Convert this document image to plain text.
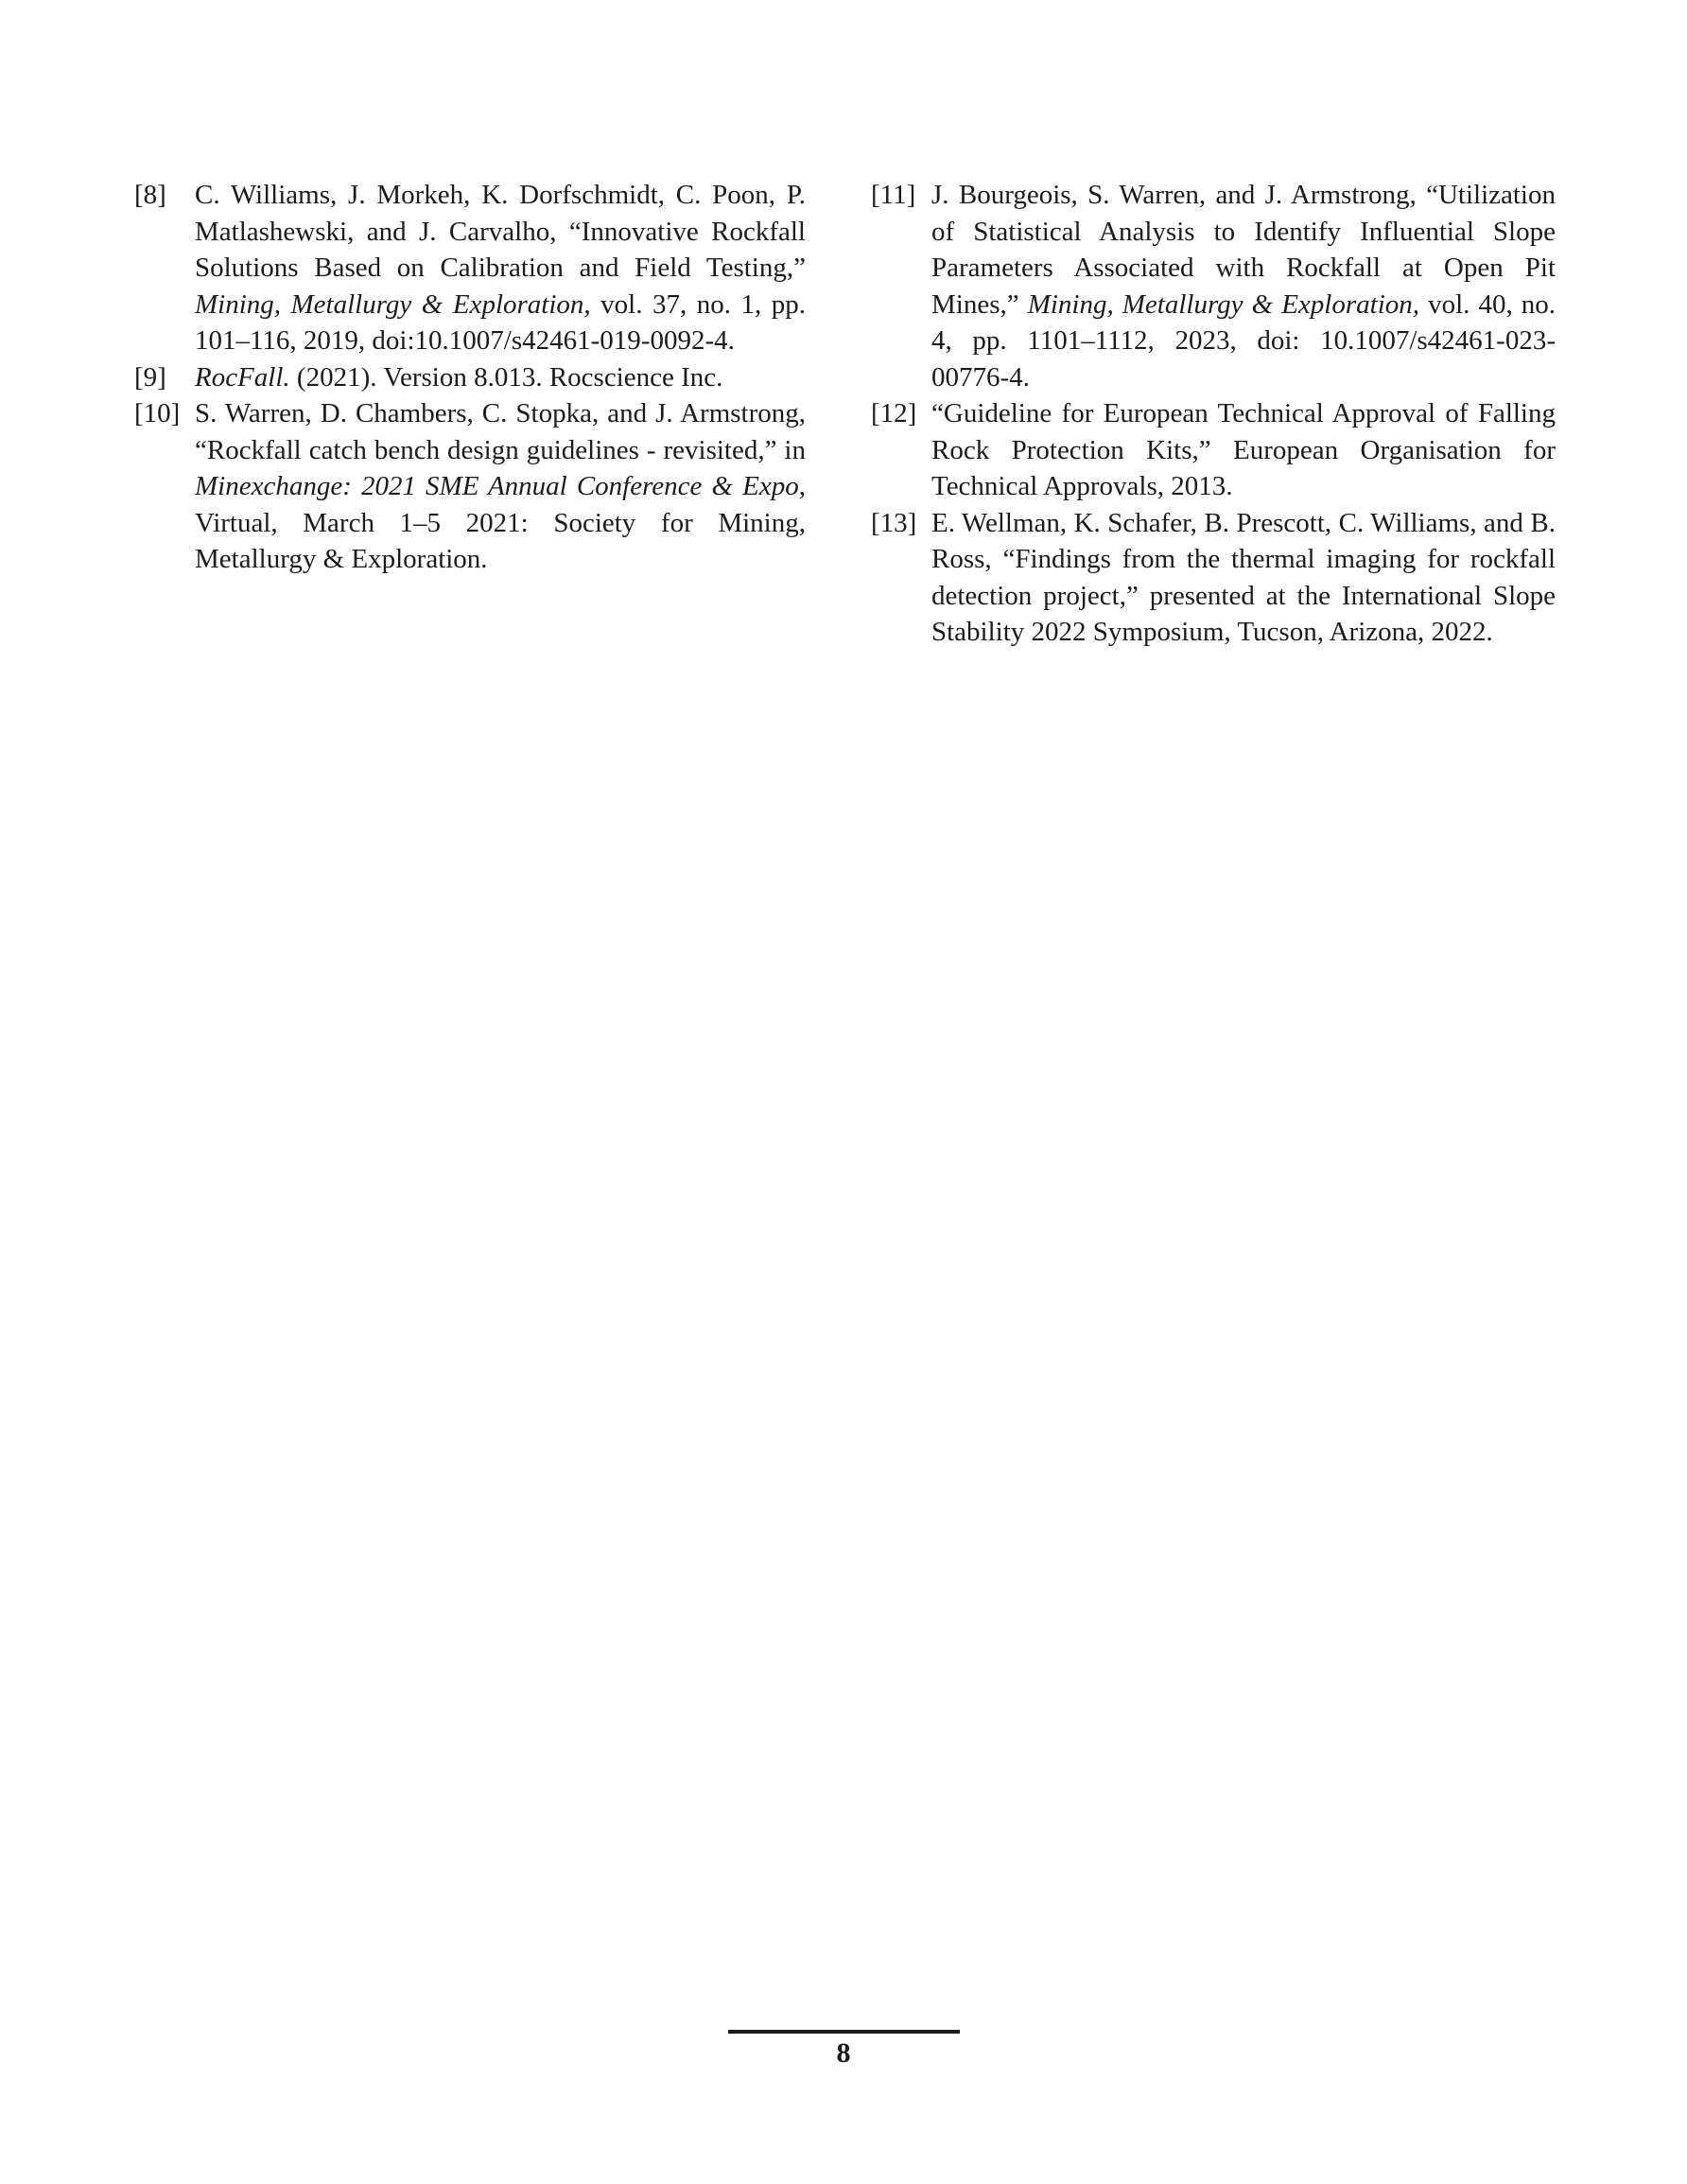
[8]	C. Williams, J. Morkeh, K. Dorfschmidt, C. Poon, P. Matlashewski, and J. Carvalho, “Innovative Rockfall Solutions Based on Calibration and Field Testing,” Mining, Metallurgy & Exploration, vol. 37, no. 1, pp. 101–116, 2019, doi:10.1007/s42461-019-0092-4.
[9]	RocFall. (2021). Version 8.013. Rocscience Inc.
[10] S. Warren, D. Chambers, C. Stopka, and J. Armstrong, “Rockfall catch bench design guidelines - revisited,” in Minexchange: 2021 SME Annual Conference & Expo, Virtual, March 1–5 2021: Society for Mining, Metallurgy & Exploration.
[11] J. Bourgeois, S. Warren, and J. Armstrong, “Utilization of Statistical Analysis to Identify Influential Slope Parameters Associated with Rockfall at Open Pit Mines,” Mining, Metallurgy & Exploration, vol. 40, no. 4, pp. 1101–1112, 2023, doi: 10.1007/s42461-023-00776-4.
[12] “Guideline for European Technical Approval of Falling Rock Protection Kits,” European Organisation for Technical Approvals, 2013.
[13] E. Wellman, K. Schafer, B. Prescott, C. Williams, and B. Ross, “Findings from the thermal imaging for rockfall detection project,” presented at the International Slope Stability 2022 Symposium, Tucson, Arizona, 2022.
8
